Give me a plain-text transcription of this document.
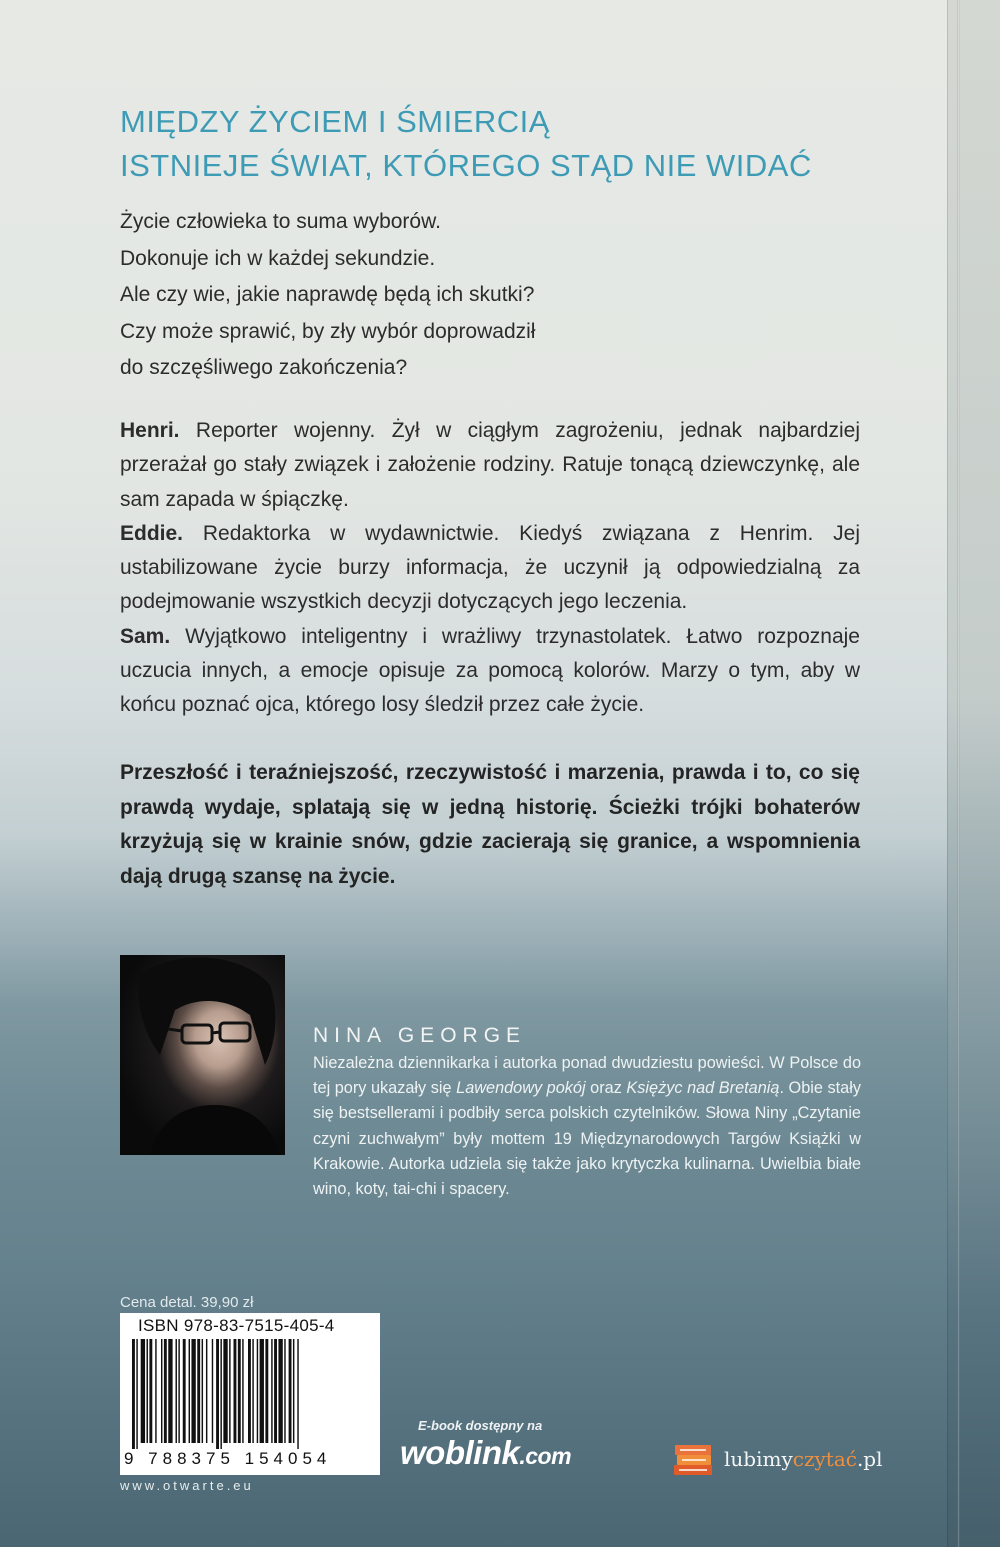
MIĘDZY ŻYCIEM I ŚMIERCIĄ
ISTNIEJE ŚWIAT, KTÓREGO STĄD NIE WIDAĆ
Życie człowieka to suma wyborów.
Dokonuje ich w każdej sekundzie.
Ale czy wie, jakie naprawdę będą ich skutki?
Czy może sprawić, by zły wybór doprowadził
do szczęśliwego zakończenia?

Henri. Reporter wojenny. Żył w ciągłym zagrożeniu, jednak najbardziej przerażał go stały związek i założenie rodziny. Ratuje tonącą dziewczynkę, ale sam zapada w śpiączkę.

Eddie. Redaktorka w wydawnictwie. Kiedyś związana z Henrim. Jej ustabilizowane życie burzy informacja, że uczynił ją odpowiedzialną za podejmowanie wszystkich decyzji dotyczących jego leczenia.

Sam. Wyjątkowo inteligentny i wrażliwy trzynastolatek. Łatwo rozpoznaje uczucia innych, a emocje opisuje za pomocą kolorów. Marzy o tym, aby w końcu poznać ojca, którego losy śledził przez całe życie.

Przeszłość i teraźniejszość, rzeczywistość i marzenia, prawda i to, co się prawdą wydaje, splatają się w jedną historię. Ścieżki trójki bohaterów krzyżują się w krainie snów, gdzie zacierają się granice, a wspomnienia dają drugą szansę na życie.
NINA GEORGE
Niezależna dziennikarka i autorka ponad dwudziestu powieści. W Polsce do tej pory ukazały się Lawendowy pokój oraz Księżyc nad Bretanią. Obie stały się bestsellerami i podbiły serca polskich czytelników. Słowa Niny „Czytanie czyni zuchwałym” były mottem 19 Międzynarodowych Targów Książki w Krakowie. Autorka udziela się także jako krytyczka kulinarna. Uwielbia białe wino, koty, tai-chi i spacery.
Cena detal. 39,90 zł
ISBN 978-83-7515-405-4
9 788375 154054
www.otwarte.eu
E-book dostępny na
woblink.com	lubimyczytać.pl
